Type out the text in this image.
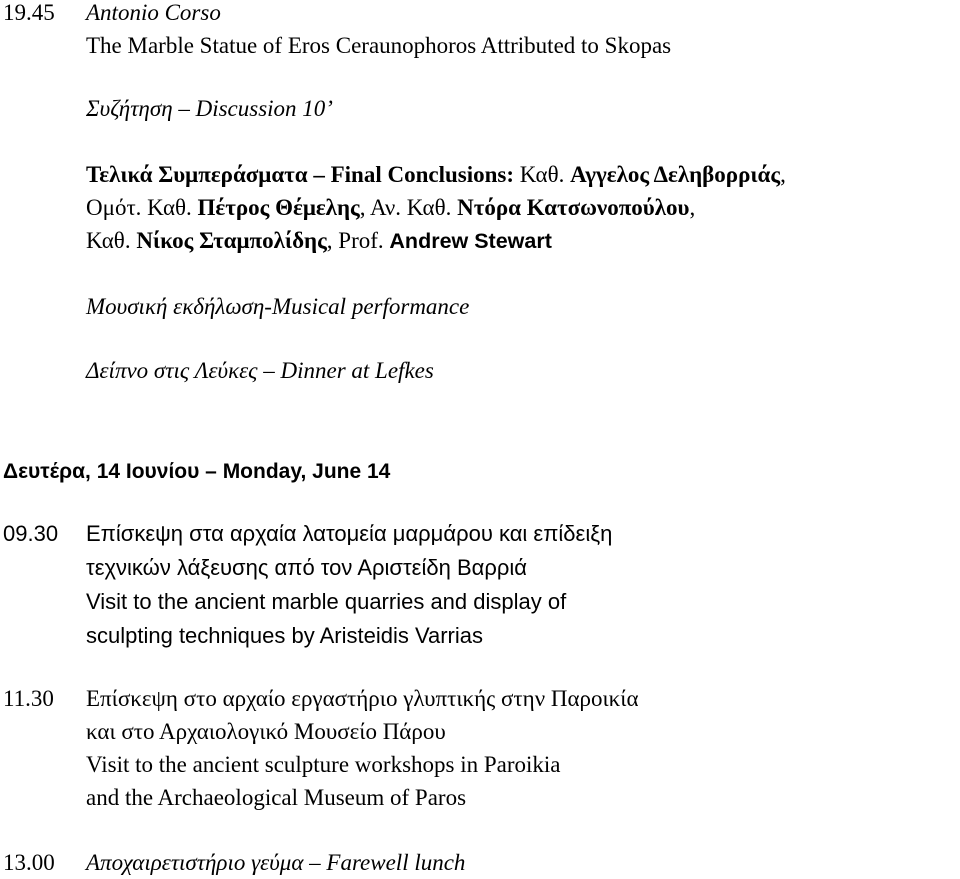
19.45 Antonio Corso
The Marble Statue of Eros Ceraunophoros Attributed to Skopas
Συζήτηση – Discussion 10’
Τελικά Συμπεράσματα – Final Conclusions: Καθ. Αγγελος Δεληβορριάς,
Ομότ. Καθ. Πέτρος Θέμελης, Αν. Καθ. Ντόρα Κατσωνοπούλου,
Καθ. Νίκος Σταμπολίδης, Prof. Andrew Stewart
Μουσική εκδήλωση-Musical performance
Δείπνο στις Λεύκες – Dinner at Lefkes
Δευτέρα, 14 Ιουνίου – Monday, June 14
09.30 Επίσκεψη στα αρχαία λατομεία μαρμάρου και επίδειξη
τεχνικών λάξευσης από τον Αριστείδη Βαρριά
Visit to the ancient marble quarries and display of
sculpting techniques by Aristeidis Varrias
11.30 Επίσκεψη στο αρχαίο εργαστήριο γλυπτικής στην Παροικία
και στο Αρχαιολογικό Μουσείο Πάρου
Visit to the ancient sculpture workshops in Paroikia
and the Archaeological Museum of Paros
13.00 Αποχαιρετιστήριο γεύμα – Farewell lunch
